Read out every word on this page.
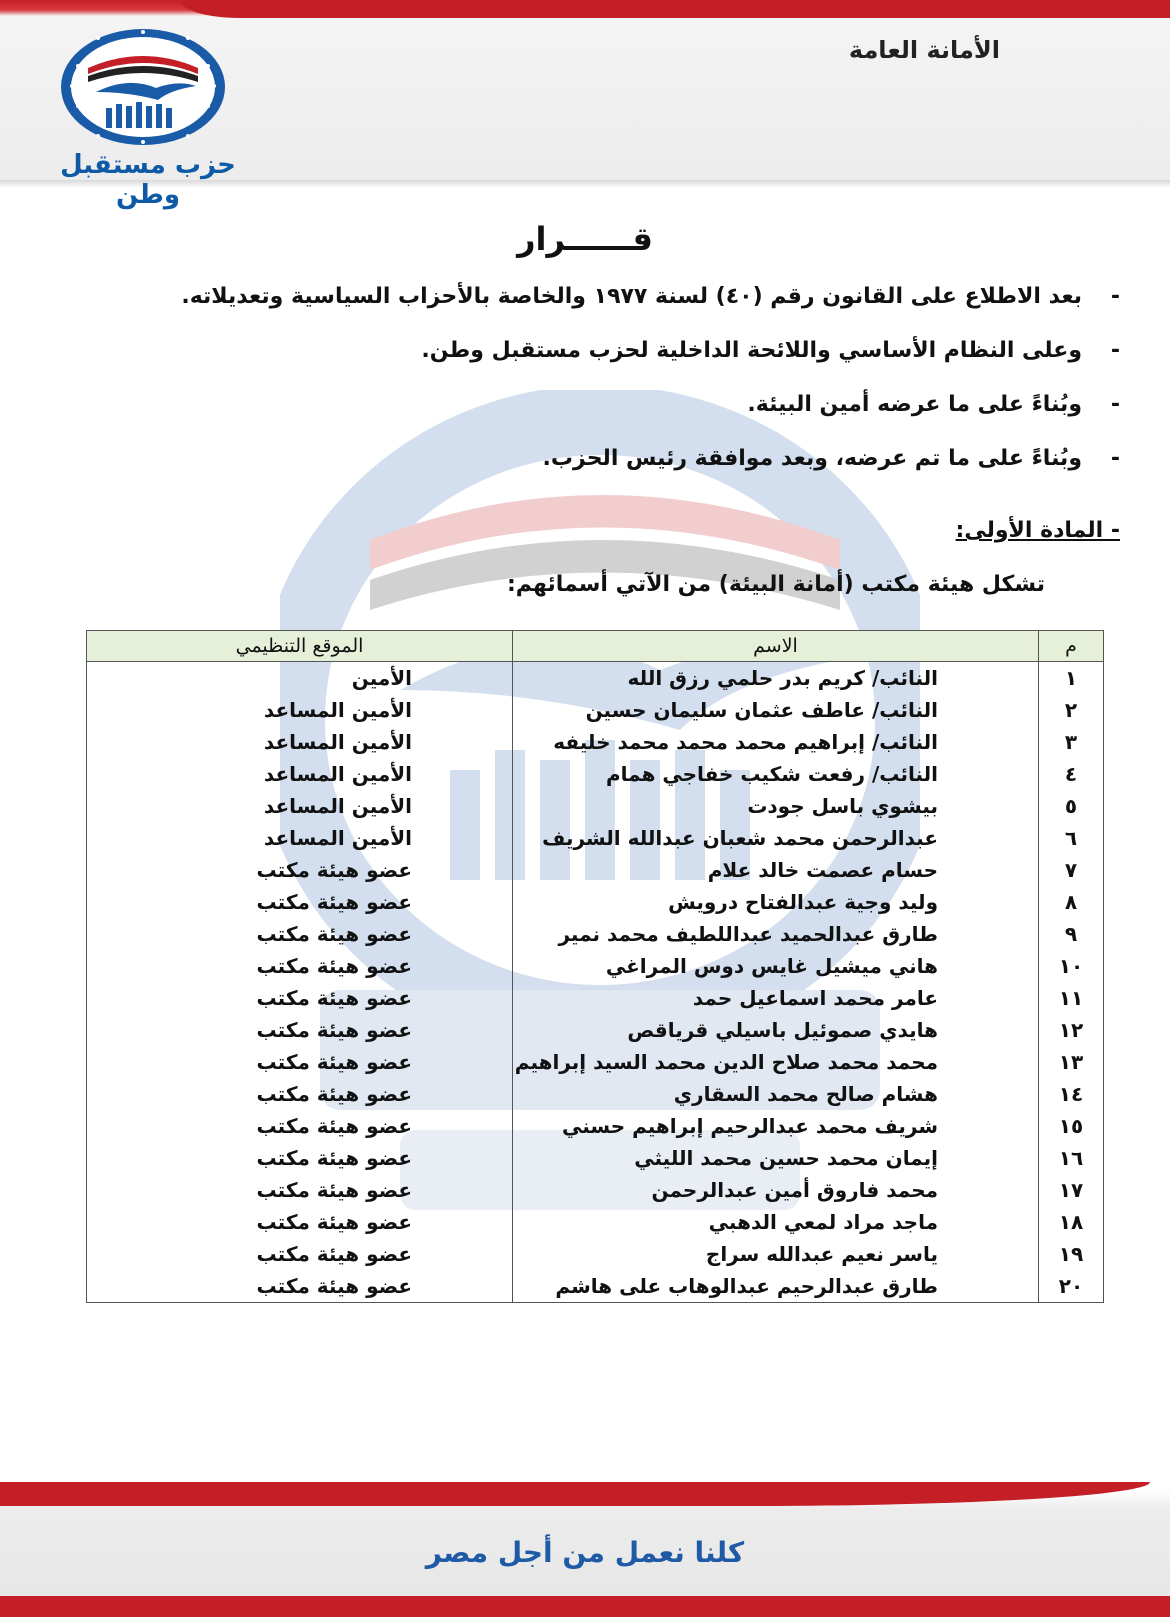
الأمانة العامة
حزب مستقبل وطن
قــــــرار
-بعد الاطلاع على القانون رقم (٤٠) لسنة ١٩٧٧ والخاصة بالأحزاب السياسية وتعديلاته.
-وعلى النظام الأساسي واللائحة الداخلية لحزب مستقبل وطن.
-وبُناءً على ما عرضه أمين البيئة.
-وبُناءً على ما تم عرضه، وبعد موافقة رئيس الحزب.
- المادة الأولى:
تشكل هيئة مكتب (أمانة البيئة) من الآتي أسمائهم:
م	الاسم	الموقع التنظيمي
١	النائب/ كريم بدر حلمي رزق الله	الأمين
٢	النائب/ عاطف عثمان سليمان حسين	الأمين المساعد
٣	النائب/ إبراهيم محمد محمد محمد خليفه	الأمين المساعد
٤	النائب/ رفعت شكيب خفاجي همام	الأمين المساعد
٥	بيشوي باسل جودت	الأمين المساعد
٦	عبدالرحمن محمد شعبان عبدالله الشريف	الأمين المساعد
٧	حسام عصمت خالد علام	عضو هيئة مكتب
٨	وليد وجية عبدالفتاح درويش	عضو هيئة مكتب
٩	طارق عبدالحميد عبداللطيف محمد نمير	عضو هيئة مكتب
١٠	هاني ميشيل غايس دوس المراغي	عضو هيئة مكتب
١١	عامر محمد اسماعيل حمد	عضو هيئة مكتب
١٢	هايدي صموئيل باسيلي قرياقص	عضو هيئة مكتب
١٣	محمد محمد صلاح الدين محمد السيد إبراهيم	عضو هيئة مكتب
١٤	هشام صالح محمد السقاري	عضو هيئة مكتب
١٥	شريف محمد عبدالرحيم إبراهيم حسني	عضو هيئة مكتب
١٦	إيمان محمد حسين محمد الليثي	عضو هيئة مكتب
١٧	محمد فاروق أمين عبدالرحمن	عضو هيئة مكتب
١٨	ماجد مراد لمعي الدهبي	عضو هيئة مكتب
١٩	ياسر نعيم عبدالله سراج	عضو هيئة مكتب
٢٠	طارق عبدالرحيم عبدالوهاب على هاشم	عضو هيئة مكتب
كلنا نعمل من أجل مصر
